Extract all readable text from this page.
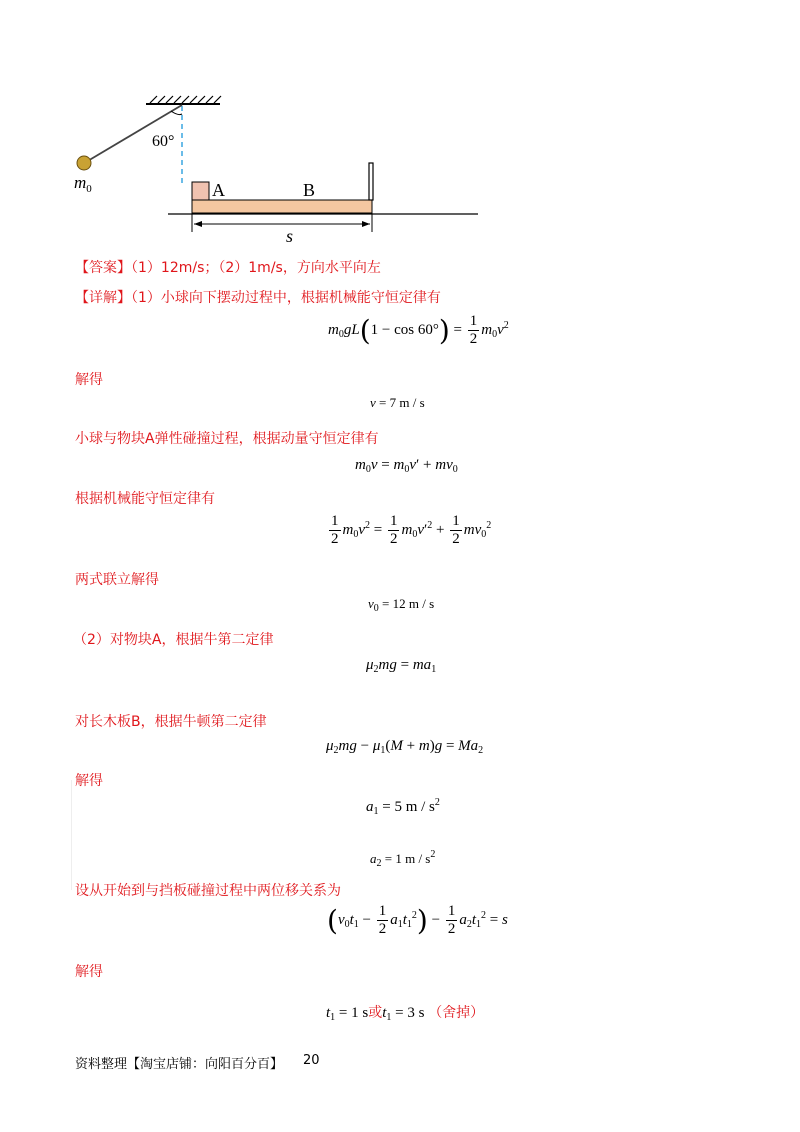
60°
$m_0$	A	B
s
【答案】（1）12m/s；（2）1m/s，方向水平向左
【详解】（1）小球向下摆动过程中，根据机械能守恒定律有
$m_0gL(1 - \cos 60^\circ) = \frac{1}{2} m_0v^2$
解得
v = 7 m / s
小球与物块A弹性碰撞过程，根据动量守恒定律有
$m_0v = m_0v' + mv_0$
根据机械能守恒定律有
$\frac{1}{2} m_0v^2 = \frac{1}{2} m_0v'^2 + \frac{1}{2} mv_0^2$
两式联立解得
$v_0 = 12$ m / s
（2）对物块A，根据牛第二定律
$\mu_2mg = ma_1$
对长木板B，根据牛顿第二定律
$\mu_2mg - \mu_1(M + m)g = Ma_2$
解得
$a_1 = 5$ m / $s^2$
$a_2 = 1$ m / $s^2$
设从开始到与挡板碰撞过程中两位移关系为
$(v_0t_1 - \frac{1}{2} a_1t_1^2) - \frac{1}{2} a_2t_1^2 = s$
解得
$t_1 = 1$ s或$t_1 = 3$ s （舍掉）
资料整理【淘宝店铺：向阳百分百】 20
